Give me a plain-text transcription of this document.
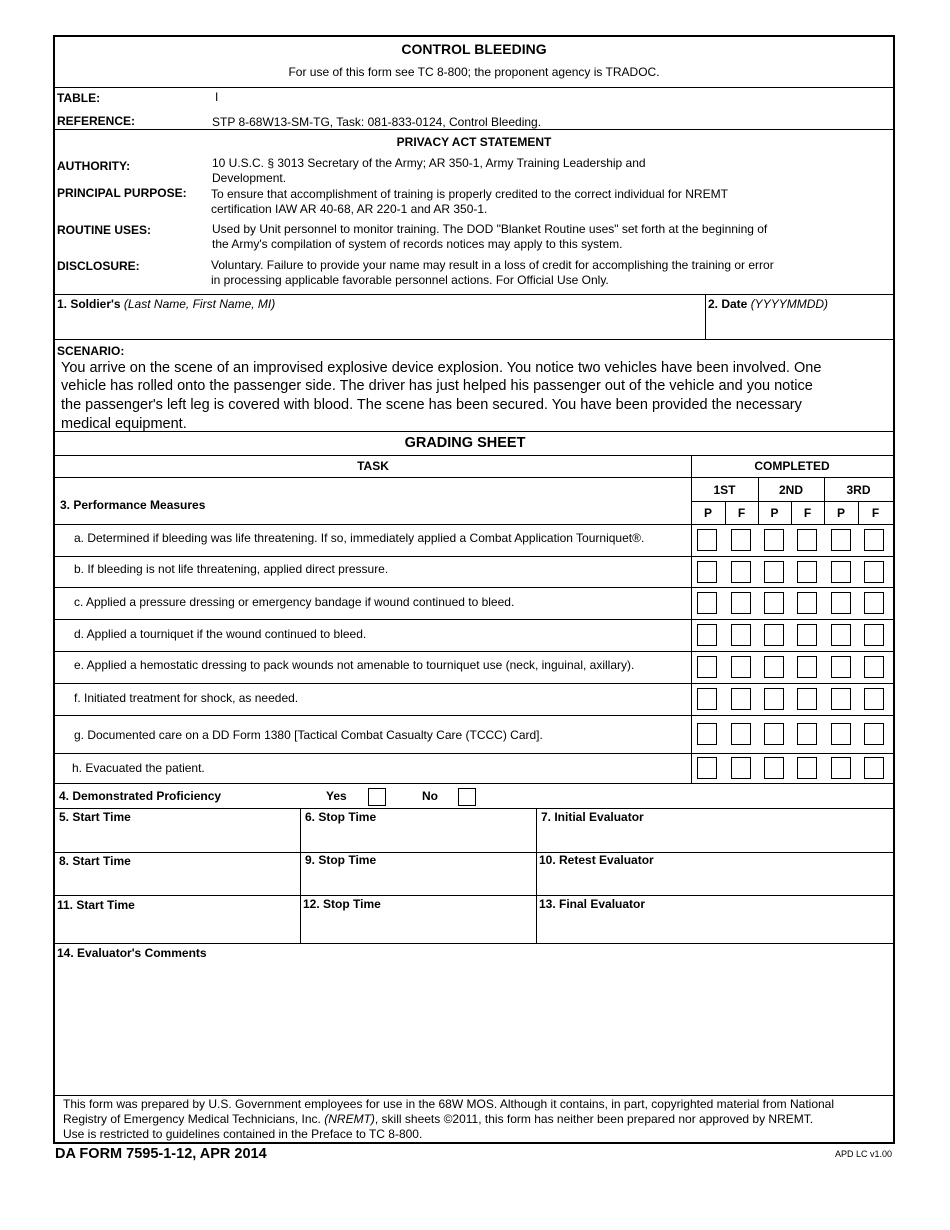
CONTROL BLEEDING
For use of this form see TC 8-800; the proponent agency is TRADOC.
TABLE:	I
REFERENCE:	STP 8-68W13-SM-TG, Task: 081-833-0124, Control Bleeding.
PRIVACY ACT STATEMENT
AUTHORITY:	10 U.S.C. § 3013 Secretary of the Army; AR 350-1, Army Training Leadership and
Development.
PRINCIPAL PURPOSE: To ensure that accomplishment of training is properly credited to the correct individual for NREMT
certification IAW AR 40-68, AR 220-1 and AR 350-1.
ROUTINE USES:	Used by Unit personnel to monitor training. The DOD "Blanket Routine uses" set forth at the beginning of
the Army's compilation of system of records notices may apply to this system.
DISCLOSURE:	Voluntary. Failure to provide your name may result in a loss of credit for accomplishing the training or error
in processing applicable favorable personnel actions. For Official Use Only.
1. Soldier's (Last Name, First Name, MI)	2. Date (YYYYMMDD)
SCENARIO:
You arrive on the scene of an improvised explosive device explosion. You notice two vehicles have been involved. One
vehicle has rolled onto the passenger side. The driver has just helped his passenger out of the vehicle and you notice
the passenger's left leg is covered with blood. The scene has been secured. You have been provided the necessary
medical equipment.
GRADING SHEET
TASK	COMPLETED
3. Performance Measures
1ST	2ND	3RD
P	F	P	F	P	F
a. Determined if bleeding was life threatening. If so, immediately applied a Combat Application Tourniquet®.
b. If bleeding is not life threatening, applied direct pressure.
c. Applied a pressure dressing or emergency bandage if wound continued to bleed.
d. Applied a tourniquet if the wound continued to bleed.
e. Applied a hemostatic dressing to pack wounds not amenable to tourniquet use (neck, inguinal, axillary).
f. Initiated treatment for shock, as needed.
g. Documented care on a DD Form 1380 [Tactical Combat Casualty Care (TCCC) Card].
h. Evacuated the patient.
4. Demonstrated Proficiency	Yes	No
5. Start Time	6. Stop Time	7. Initial Evaluator
8. Start Time	9. Stop Time	10. Retest Evaluator
11. Start Time	12. Stop Time	13. Final Evaluator
14. Evaluator's Comments
This form was prepared by U.S. Government employees for use in the 68W MOS. Although it contains, in part, copyrighted material from National
Registry of Emergency Medical Technicians, Inc. (NREMT), skill sheets ©2011, this form has neither been prepared nor approved by NREMT.
Use is restricted to guidelines contained in the Preface to TC 8-800.
DA FORM 7595-1-12, APR 2014	APD LC v1.00
